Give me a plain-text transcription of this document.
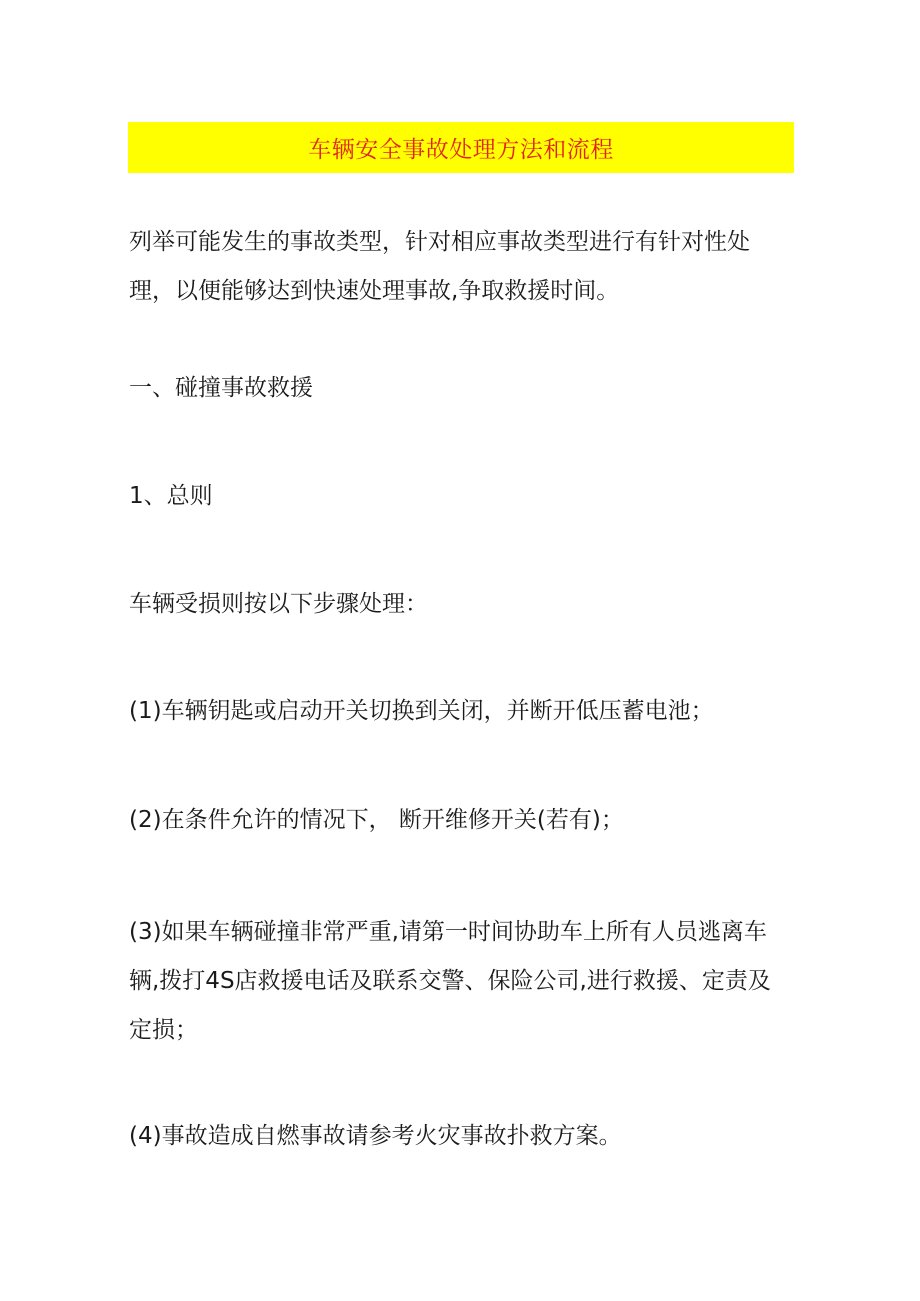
车辆安全事故处理方法和流程

列举可能发生的事故类型，针对相应事故类型进行有针对性处
理，以便能够达到快速处理事故,争取救援时间。

一、碰撞事故救援

1、总则

车辆受损则按以下步骤处理：

(1)车辆钥匙或启动开关切换到关闭，并断开低压蓄电池；

(2)在条件允许的情况下， 断开维修开关(若有)；

(3)如果车辆碰撞非常严重,请第一时间协助车上所有人员逃离车
辆,拨打4S店救援电话及联系交警、保险公司,进行救援、定责及
定损；

(4)事故造成自燃事故请参考火灾事故扑救方案。
